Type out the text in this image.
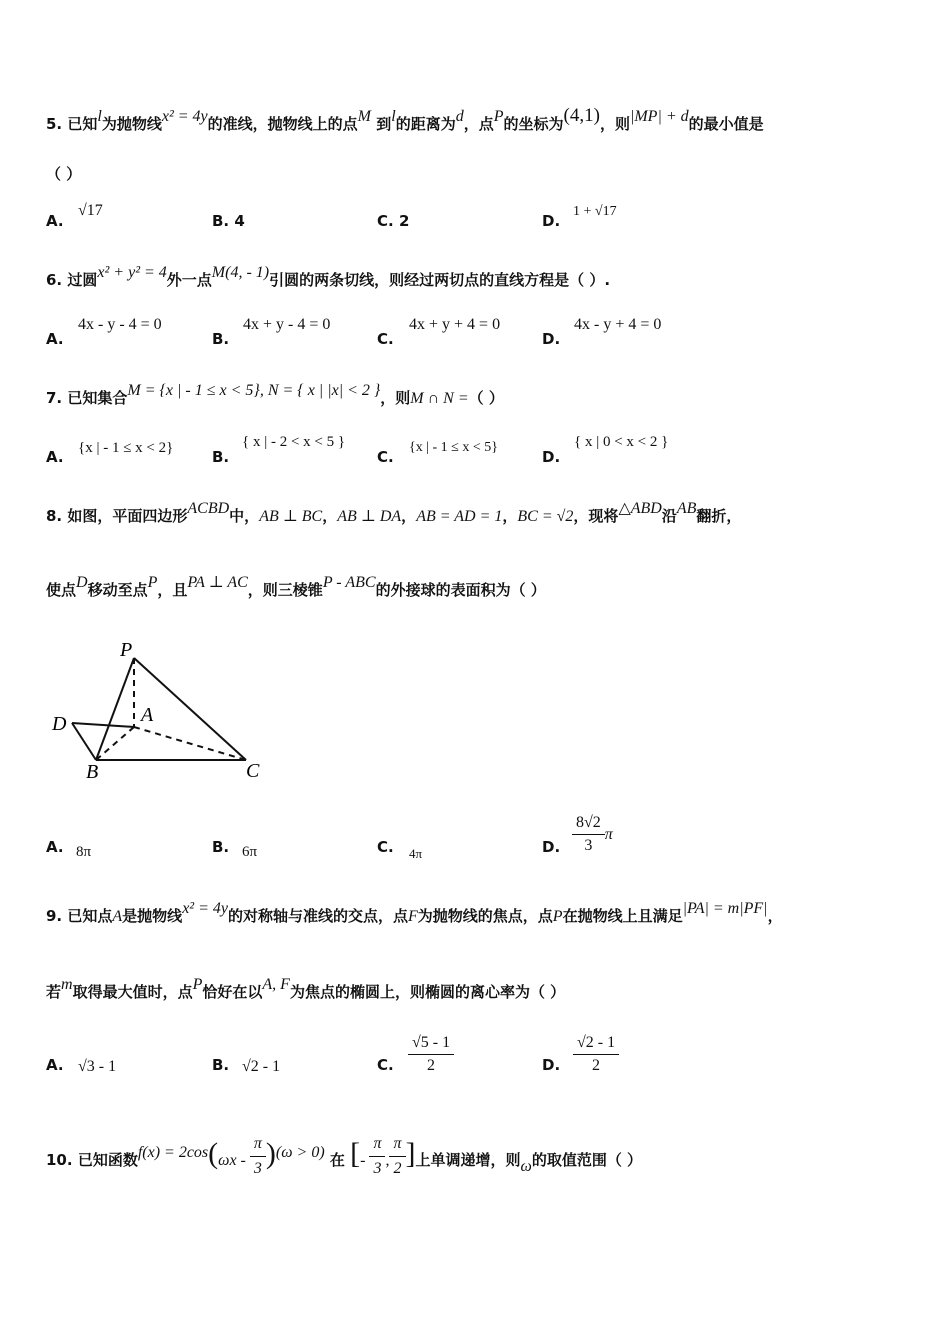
5. 已知l为抛物线x² = 4y的准线，抛物线上的点M 到l的距离为d，点P的坐标为(4,1)，则|MP| + d的最小值是
（ ）
A.
√17
B. 4	C. 2	D.
1 + √17
6. 过圆x² + y² = 4外一点M(4, - 1)引圆的两条切线，则经过两切点的直线方程是（ ）.
A.
4x - y - 4 = 0
B.
4x + y - 4 = 0
C.
4x + y + 4 = 0
D.
4x - y + 4 = 0
7. 已知集合M = {x | - 1 ≤ x < 5}, N = { x | |x| < 2 }，则M ∩ N =（ ）
A. {x | - 1 ≤ x < 2}	B.
{ x | - 2 < x < 5 }
C.
{x | - 1 ≤ x < 5}
D.
{ x | 0 < x < 2 }
8. 如图，平面四边形ACBD中，AB ⊥ BC，AB ⊥ DA，AB = AD = 1，BC = √2，现将△ABD沿AB翻折，
使点D移动至点P，且PA ⊥ AC，则三棱锥P - ABC的外接球的表面积为（ ）
P
A
D
B	C
A. 8π	B. 6π	C. 4π	D. $\frac{8√2}{3}$ π
9. 已知点A是抛物线x² = 4y的对称轴与准线的交点，点F为抛物线的焦点，点P在抛物线上且满足|PA| = m|PF|，
若m取得最大值时，点P恰好在以A, F为焦点的椭圆上，则椭圆的离心率为（ ）
A. √3 - 1	B. √2 - 1	C. $\frac{√5 - 1}{2}$	D. $\frac{√2 - 1}{2}$
10. 已知函数$f(x) = 2\cos(\omega x - \frac{\pi}{3} )(\omega > 0)$ 在 [- $\frac{\pi}{3}$ , $\frac{\pi}{2}$ ]上单调递增，则ω的取值范围（ ）
